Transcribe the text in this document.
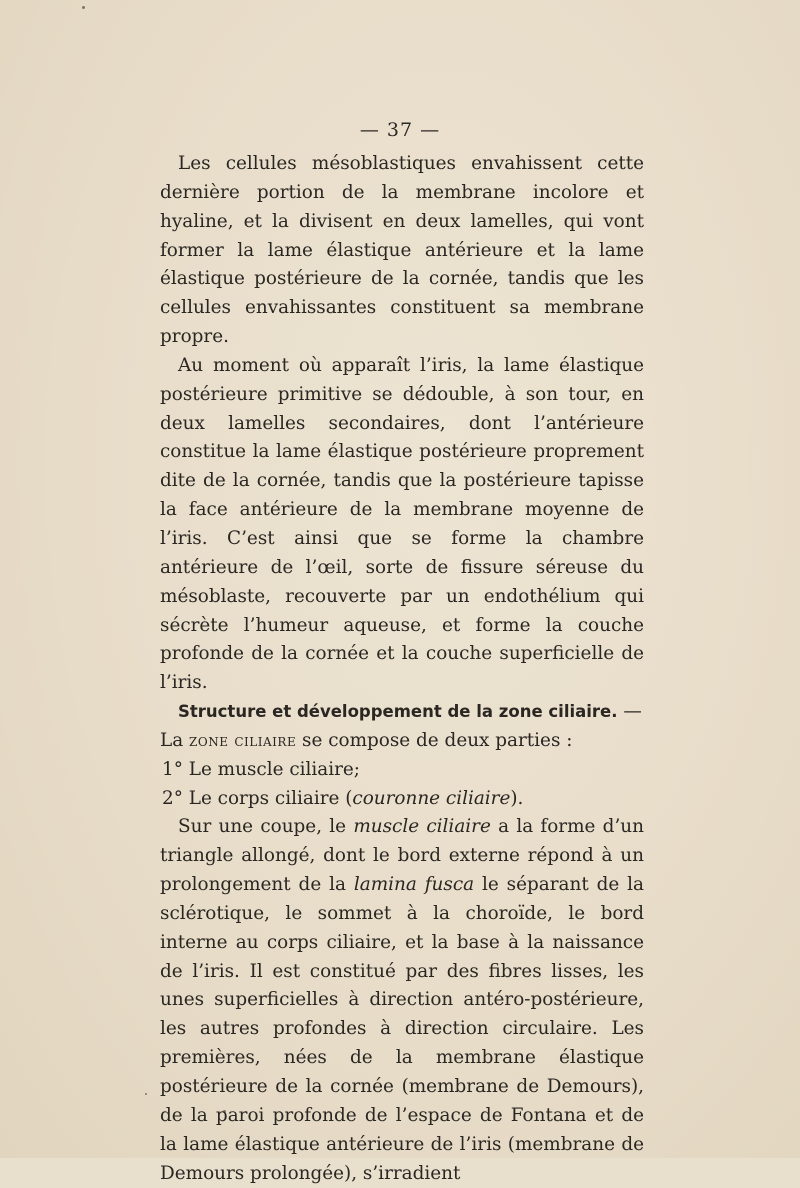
— 37 —

Les cellules mésoblastiques envahissent cette dernière portion de la membrane incolore et hyaline, et la divisent en deux lamelles, qui vont former la lame élastique antérieure et la lame élastique postérieure de la cornée, tandis que les cellules envahissantes constituent sa membrane propre.

Au moment où apparaît l’iris, la lame élastique postérieure primitive se dédouble, à son tour, en deux lamelles secondaires, dont l’antérieure constitue la lame élastique postérieure proprement dite de la cornée, tandis que la postérieure tapisse la face antérieure de la membrane moyenne de l’iris. C’est ainsi que se forme la chambre antérieure de l’œil, sorte de fissure séreuse du mésoblaste, recouverte par un endothélium qui sécrète l’humeur aqueuse, et forme la couche profonde de la cornée et la couche superficielle de l’iris.

Structure et développement de la zone ciliaire. —

La zone ciliaire se compose de deux parties :

1° Le muscle ciliaire;

2° Le corps ciliaire (couronne ciliaire).

Sur une coupe, le muscle ciliaire a la forme d’un triangle allongé, dont le bord externe répond à un prolongement de la lamina fusca le séparant de la sclérotique, le sommet à la choroïde, le bord interne au corps ciliaire, et la base à la naissance de l’iris. Il est constitué par des fibres lisses, les unes superficielles à direction antéro-postérieure, les autres profondes à direction circulaire. Les premières, nées de la membrane élastique postérieure de la cornée (membrane de Demours), de la paroi profonde de l’espace de Fontana et de la lame élastique antérieure de l’iris (membrane de Demours prolongée), s’irradient
